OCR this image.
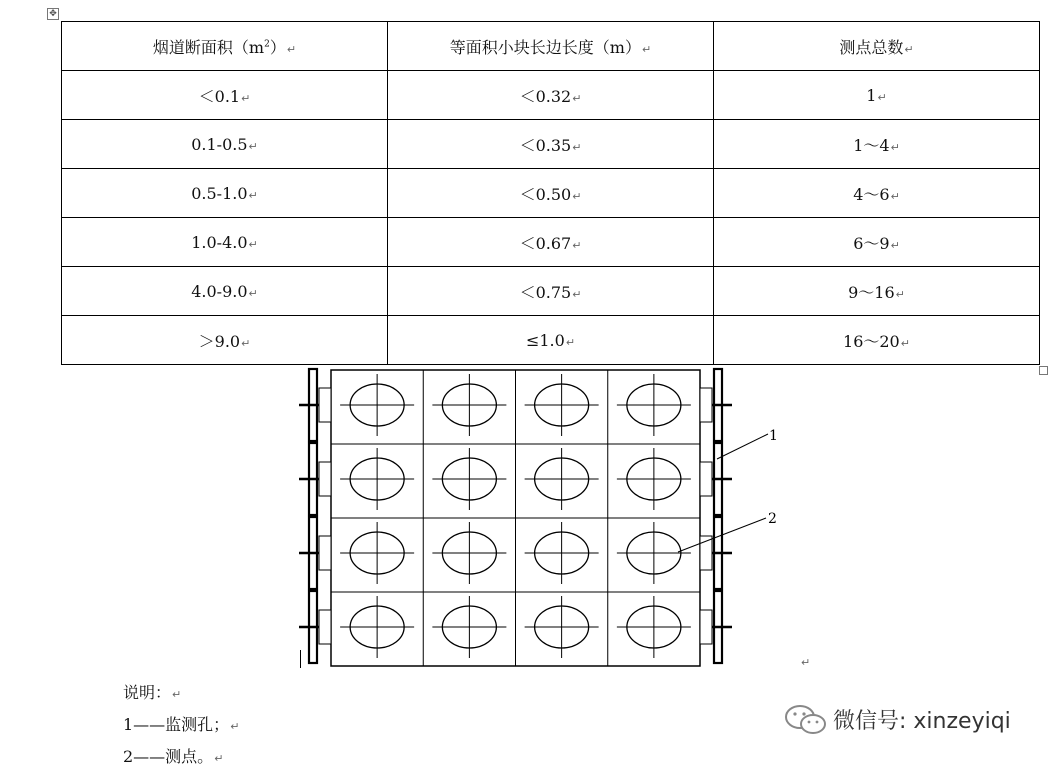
✥
烟道断面积$(m^2)↵$	等面积小块长边长度（m）↵	测点总数↵
＜0.1↵	＜0.32↵	1↵
0.1-0.5↵	＜0.35↵	1～4↵
0.5-1.0↵	＜0.50↵	4～6↵
1.0-4.0↵	＜0.67↵	6～9↵
4.0-9.0↵	＜0.75↵	9～16↵
＞9.0↵	≤1.0↵	16～20↵
1
2
↵
说明：↵
1——监测孔；↵
2——测点。↵
微信号: xinzeyiqi
